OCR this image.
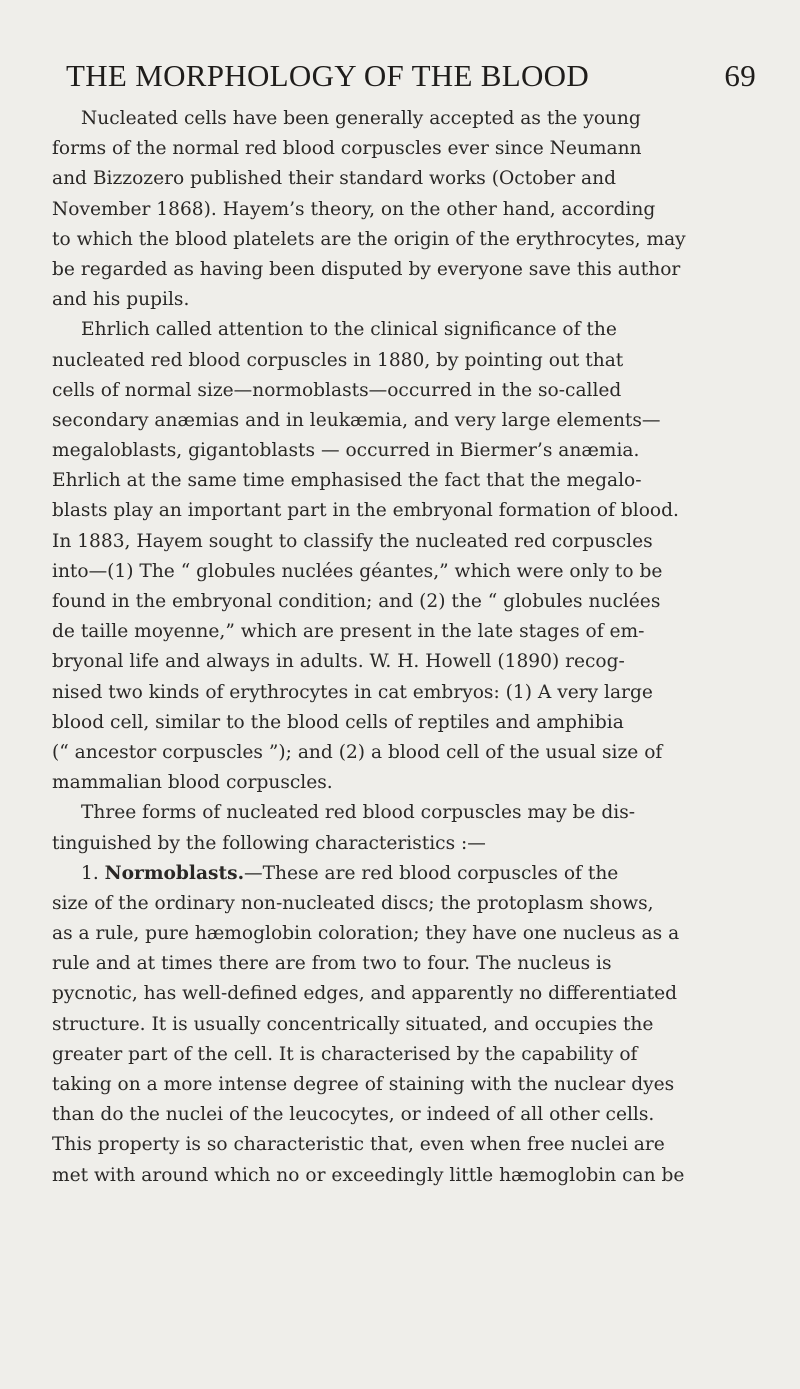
THE MORPHOLOGY OF THE BLOOD	69
Nucleated cells have been generally accepted as the young
forms of the normal red blood corpuscles ever since Neumann
and Bizzozero published their standard works (October and
November 1868). Hayem’s theory, on the other hand, according
to which the blood platelets are the origin of the erythrocytes, may
be regarded as having been disputed by everyone save this author
and his pupils.
Ehrlich called attention to the clinical significance of the
nucleated red blood corpuscles in 1880, by pointing out that
cells of normal size—normoblasts—occurred in the so-called
secondary anæmias and in leukæmia, and very large elements—
megaloblasts, gigantoblasts — occurred in Biermer’s anæmia.
Ehrlich at the same time emphasised the fact that the megalo-
blasts play an important part in the embryonal formation of blood.
In 1883, Hayem sought to classify the nucleated red corpuscles
into—(1) The “ globules nuclées géantes,” which were only to be
found in the embryonal condition; and (2) the “ globules nuclées
de taille moyenne,” which are present in the late stages of em-
bryonal life and always in adults. W. H. Howell (1890) recog-
nised two kinds of erythrocytes in cat embryos: (1) A very large
blood cell, similar to the blood cells of reptiles and amphibia
(“ ancestor corpuscles ”); and (2) a blood cell of the usual size of
mammalian blood corpuscles.
Three forms of nucleated red blood corpuscles may be dis-
tinguished by the following characteristics :—
1. Normoblasts.—These are red blood corpuscles of the
size of the ordinary non-nucleated discs; the protoplasm shows,
as a rule, pure hæmoglobin coloration; they have one nucleus as a
rule and at times there are from two to four. The nucleus is
pycnotic, has well-defined edges, and apparently no differentiated
structure. It is usually concentrically situated, and occupies the
greater part of the cell. It is characterised by the capability of
taking on a more intense degree of staining with the nuclear dyes
than do the nuclei of the leucocytes, or indeed of all other cells.
This property is so characteristic that, even when free nuclei are
met with around which no or exceedingly little hæmoglobin can be
